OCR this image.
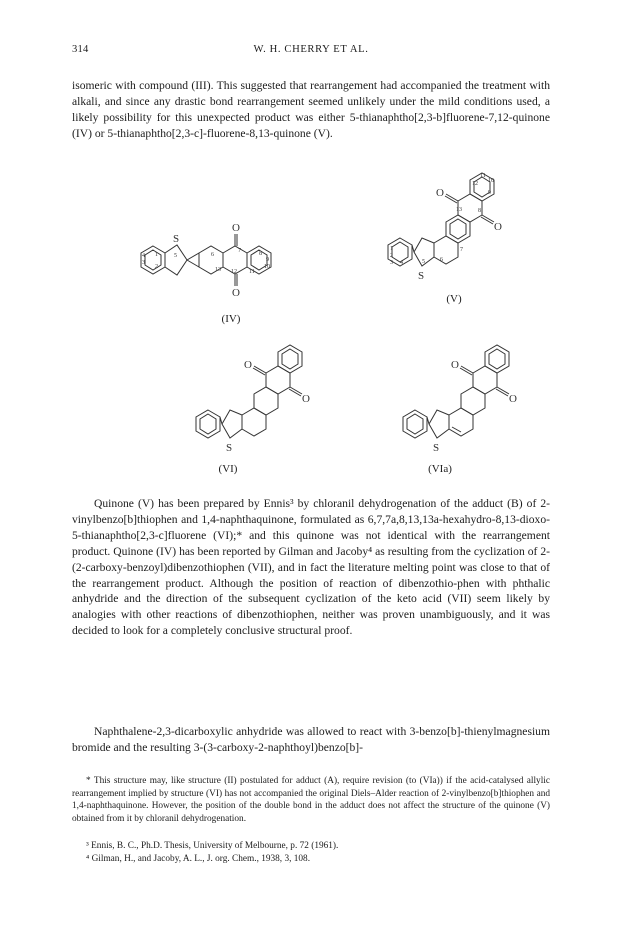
314	W. H. CHERRY ET AL.

isomeric with compound (III). This suggested that rearrangement had accompanied the treatment with alkali, and since any drastic bond rearrangement seemed unlikely under the mild conditions used, a likely possibility for this unexpected product was either 5-thianaphtho[2,3-b]fluorene-7,12-quinone (IV) or 5-thianaphtho[2,3-c]-fluorene-8,13-quinone (V).

S
O
O
1
2
3
4	5	6
7	8
9
10
11
12
13
(IV)
O
O
S
1
2
3 4	5	6
7
8
9
10
11
12
13
(V)
O
O
S
(VI)
O
O
S
(VIa)

Quinone (V) has been prepared by Ennis³ by chloranil dehydrogenation of the adduct (B) of 2-vinylbenzo[b]thiophen and 1,4-naphthaquinone, formulated as 6,7,7a,8,13,13a-hexahydro-8,13-dioxo-5-thianaphtho[2,3-c]fluorene (VI);* and this quinone was not identical with the rearrangement product. Quinone (IV) has been reported by Gilman and Jacoby⁴ as resulting from the cyclization of 2-(2-carboxy-benzoyl)dibenzothiophen (VII), and in fact the literature melting point was close to that of the rearrangement product. Although the position of reaction of dibenzothio-phen with phthalic anhydride and the direction of the subsequent cyclization of the keto acid (VII) seem likely by analogies with other reactions of dibenzothiophen, neither was proven unambiguously, and it was decided to look for a completely conclusive structural proof.

Naphthalene-2,3-dicarboxylic anhydride was allowed to react with 3-benzo[b]-thienylmagnesium bromide and the resulting 3-(3-carboxy-2-naphthoyl)benzo[b]-

* This structure may, like structure (II) postulated for adduct (A), require revision (to (VIa)) if the acid-catalysed allylic rearrangement implied by structure (VI) has not accompanied the original Diels–Alder reaction of 2-vinylbenzo[b]thiophen and 1,4-naphthaquinone. However, the position of the double bond in the adduct does not affect the structure of the quinone (V) obtained from it by chloranil dehydrogenation.

³ Ennis, B. C., Ph.D. Thesis, University of Melbourne, p. 72 (1961).

⁴ Gilman, H., and Jacoby, A. L., J. org. Chem., 1938, 3, 108.
